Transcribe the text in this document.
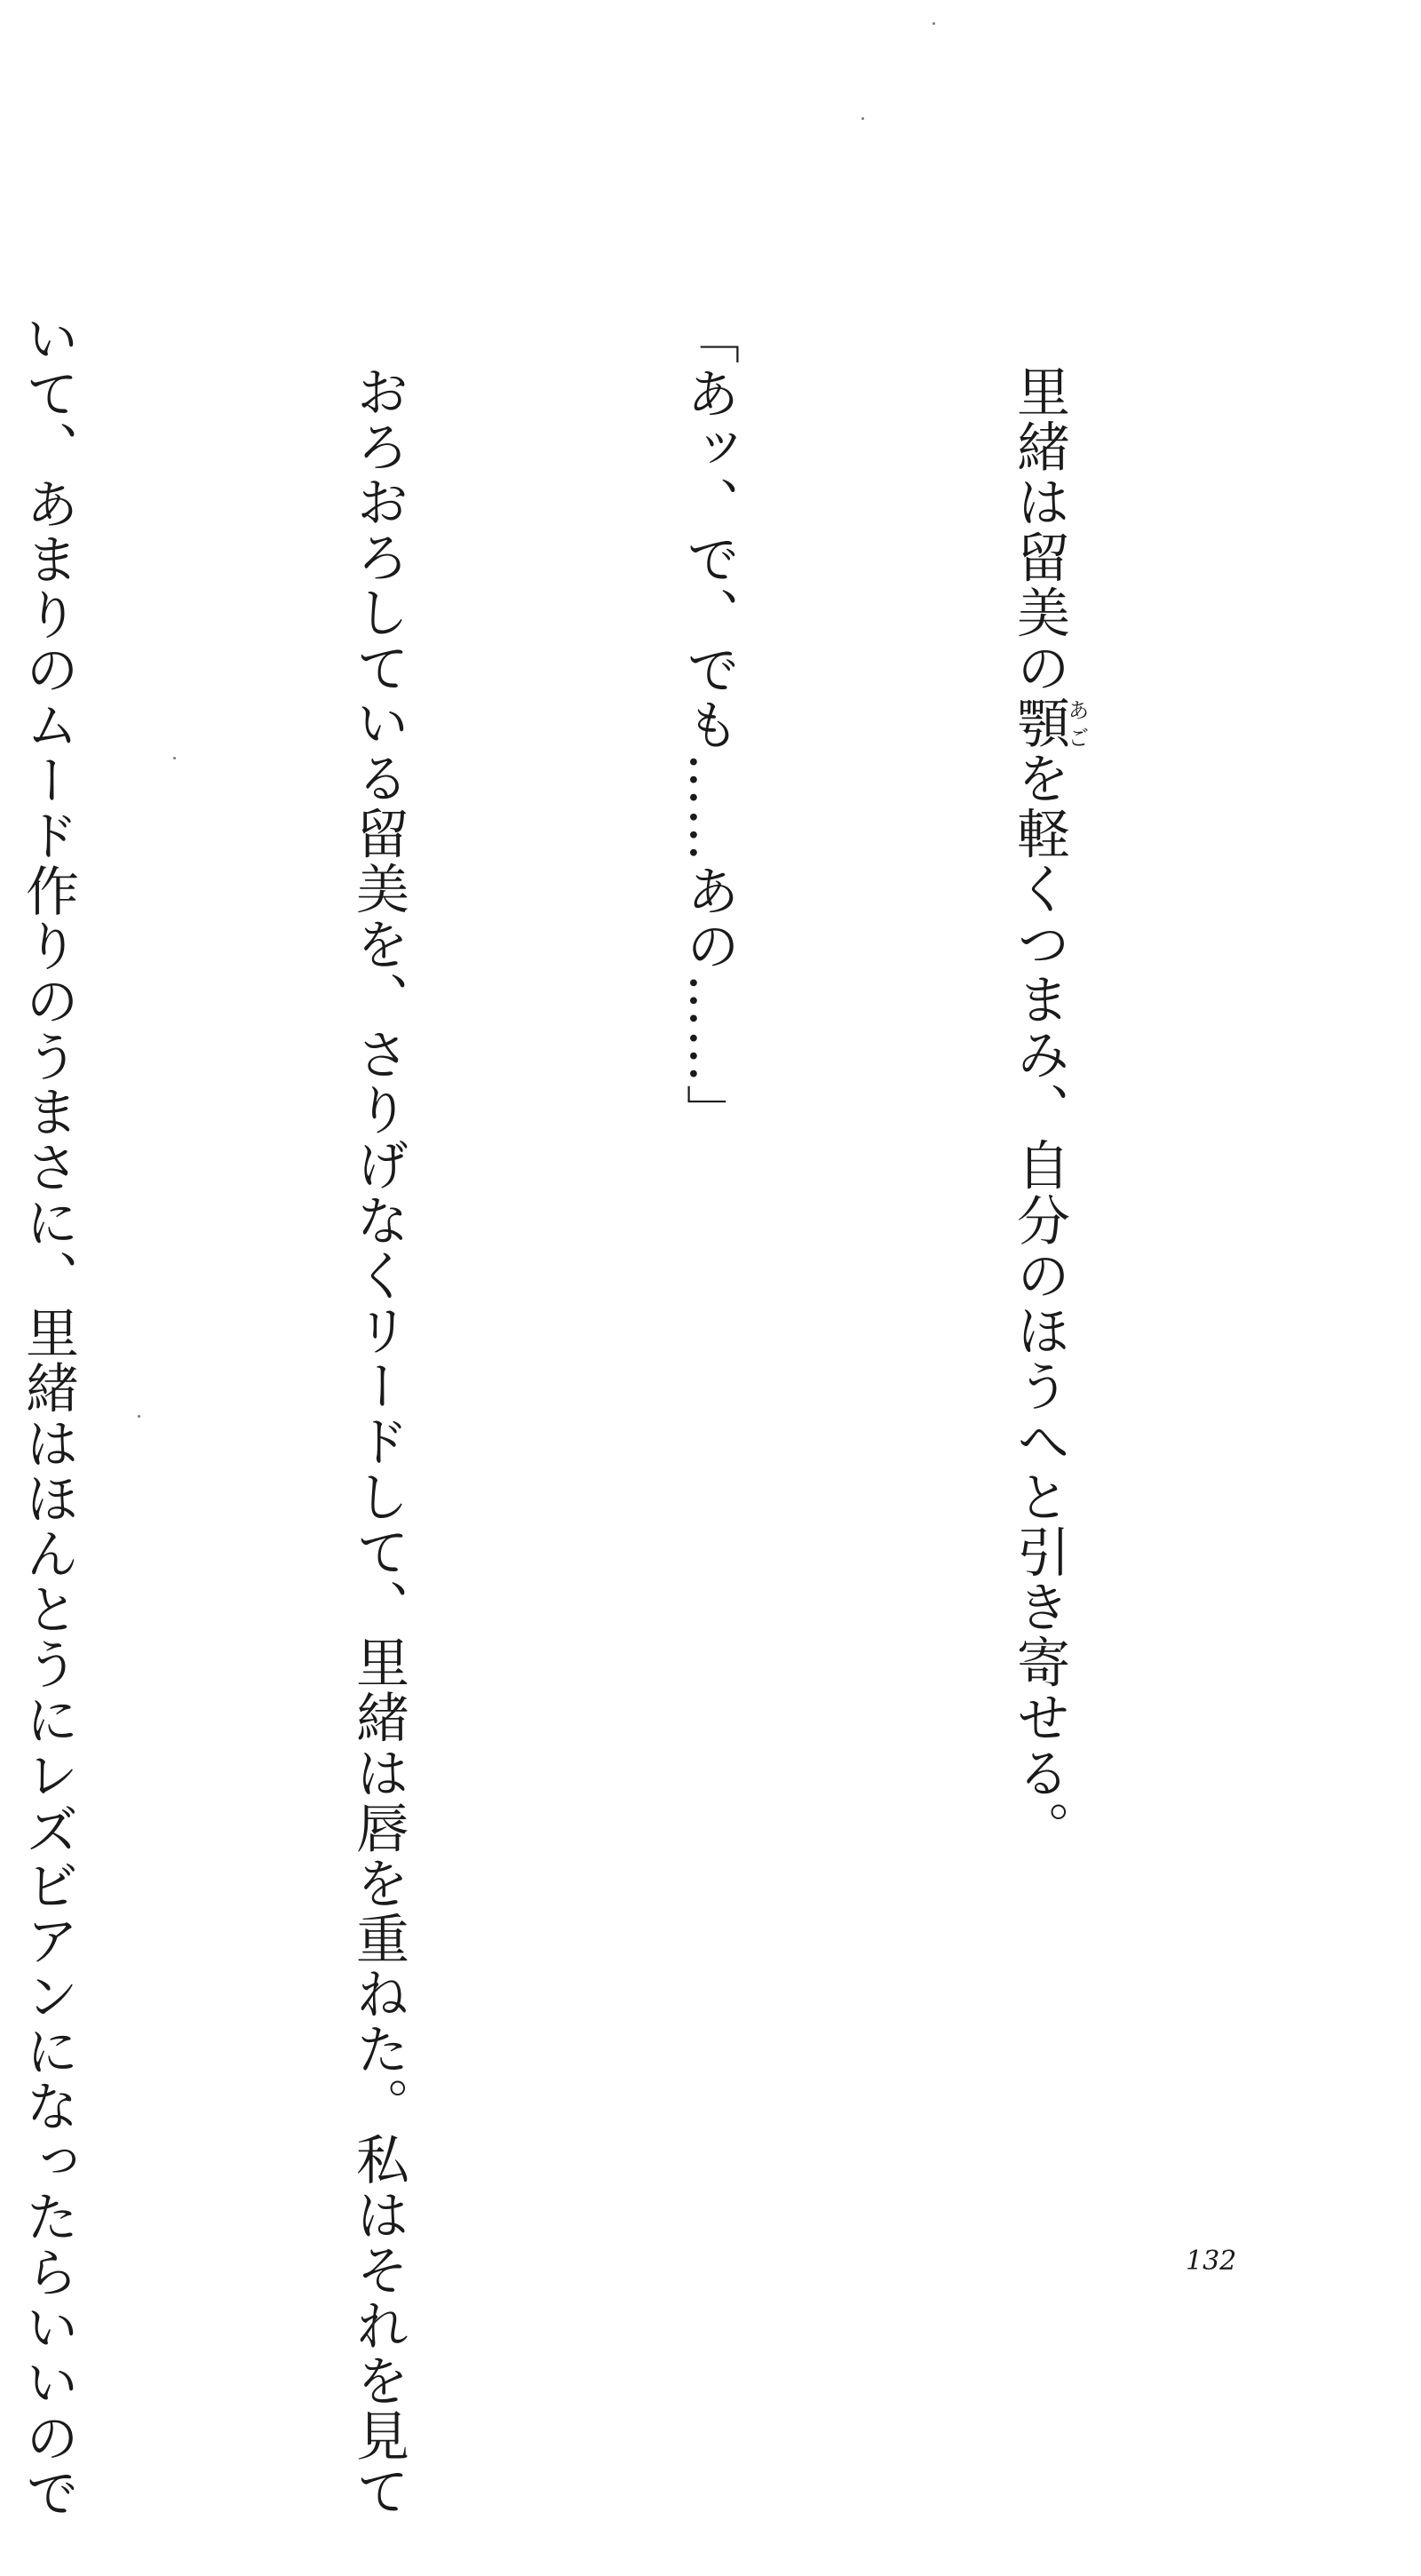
里緒は留美の顎あごを軽くつまみ、自分のほうへと引き寄せる。

「あッ、で、でも……あの……」

おろおろしている留美を、さりげなくリードして、里緒は唇を重ねた。私はそれを見て

いて、あまりのムード作りのうまさに、里緒はほんとうにレズビアンになったらいいので

	132
